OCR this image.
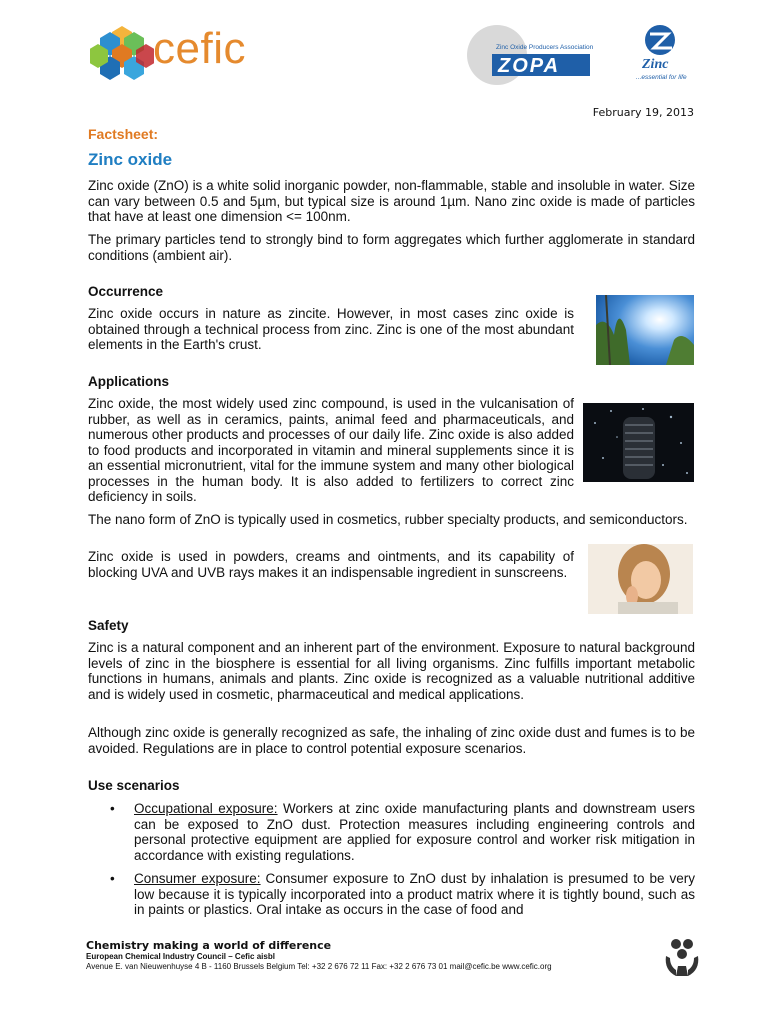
cefic	Zinc Oxide Producers Association
ZOPA	Zinc
...essential for life
February 19, 2013
Factsheet:
Zinc oxide

Zinc oxide (ZnO) is a white solid inorganic powder, non-flammable, stable and insoluble in water. Size can vary between 0.5 and 5µm, but typical size is around 1µm. Nano zinc oxide is made of particles that have at least one dimension <= 100nm.

The primary particles tend to strongly bind to form aggregates which further agglomerate in standard conditions (ambient air).

Occurrence

Zinc oxide occurs in nature as zincite. However, in most cases zinc oxide is obtained through a technical process from zinc. Zinc is one of the most abundant elements in the Earth's crust.

Applications

Zinc oxide, the most widely used zinc compound, is used in the vulcanisation of rubber, as well as in ceramics, paints, animal feed and pharmaceuticals, and numerous other products and processes of our daily life. Zinc oxide is also added to food products and incorporated in vitamin and mineral supplements since it is an essential micronutrient, vital for the immune system and many other biological processes in the human body. It is also added to fertilizers to correct zinc deficiency in soils.

The nano form of ZnO is typically used in cosmetics, rubber specialty products, and semiconductors.

Zinc oxide is used in powders, creams and ointments, and its capability of blocking UVA and UVB rays makes it an indispensable ingredient in sunscreens.

Safety

Zinc is a natural component and an inherent part of the environment. Exposure to natural background levels of zinc in the biosphere is essential for all living organisms. Zinc fulfills important metabolic functions in humans, animals and plants. Zinc oxide is recognized as a valuable nutritional additive and is widely used in cosmetic, pharmaceutical and medical applications.

Although zinc oxide is generally recognized as safe, the inhaling of zinc oxide dust and fumes is to be avoided. Regulations are in place to control potential exposure scenarios.

Use scenarios

• Occupational exposure: Workers at zinc oxide manufacturing plants and downstream users can be exposed to ZnO dust. Protection measures including engineering controls and personal protective equipment are applied for exposure control and worker risk mitigation in accordance with existing regulations.
• Consumer exposure: Consumer exposure to ZnO dust by inhalation is presumed to be very low because it is typically incorporated into a product matrix where it is tightly bound, such as in paints or plastics. Oral intake as occurs in the case of food and
Chemistry making a world of difference
European Chemical Industry Council – Cefic aisbl
Avenue E. van Nieuwenhuyse 4 B - 1160 Brussels Belgium Tel: +32 2 676 72 11 Fax: +32 2 676 73 01 mail@cefic.be www.cefic.org
